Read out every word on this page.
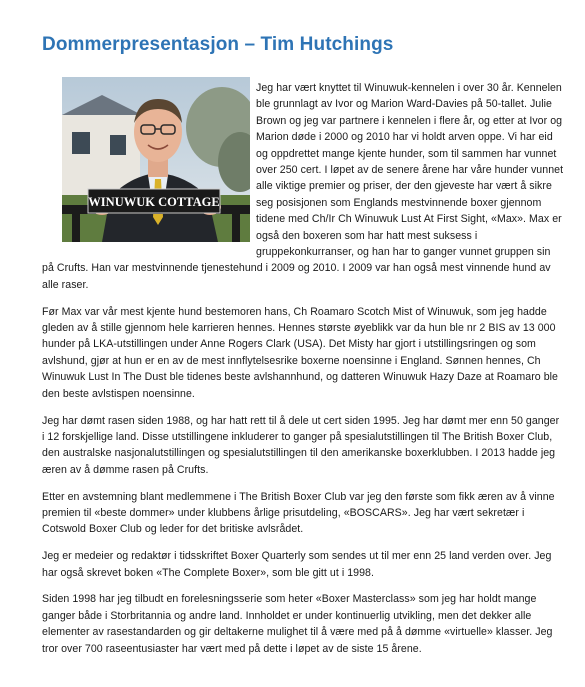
Dommerpresentasjon – Tim Hutchings
WINUWUK COTTAGE

Jeg har vært knyttet til Winuwuk-kennelen i over 30 år. Kennelen ble grunnlagt av Ivor og Marion Ward-Davies på 50-tallet. Julie Brown og jeg var partnere i kennelen i flere år, og etter at Ivor og Marion døde i 2000 og 2010 har vi holdt arven oppe. Vi har eid og oppdrettet mange kjente hunder, som til sammen har vunnet over 250 cert. I løpet av de senere årene har våre hunder vunnet alle viktige premier og priser, der den gjeveste har vært å sikre seg posisjonen som Englands mestvinnende boxer gjennom tidene med Ch/Ir Ch Winuwuk Lust At First Sight, «Max». Max er også den boxeren som har hatt mest suksess i gruppekonkurranser, og han har to ganger vunnet gruppen sin på Crufts. Han var mestvinnende tjenestehund i 2009 og 2010. I 2009 var han også mest vinnende hund av alle raser.

Før Max var vår mest kjente hund bestemoren hans, Ch Roamaro Scotch Mist of Winuwuk, som jeg hadde gleden av å stille gjennom hele karrieren hennes. Hennes største øyeblikk var da hun ble nr 2 BIS av 13 000 hunder på LKA-utstillingen under Anne Rogers Clark (USA). Det Misty har gjort i utstillingsringen og som avlshund, gjør at hun er en av de mest innflytelsesrike boxerne noensinne i England. Sønnen hennes, Ch Winuwuk Lust In The Dust ble tidenes beste avlshannhund, og datteren Winuwuk Hazy Daze at Roamaro ble den beste avlstispen noensinne.

Jeg har dømt rasen siden 1988, og har hatt rett til å dele ut cert siden 1995. Jeg har dømt mer enn 50 ganger i 12 forskjellige land. Disse utstillingene inkluderer to ganger på spesialutstillingen til The British Boxer Club, den australske nasjonalutstillingen og spesialutstillingen til den amerikanske boxerklubben. I 2013 hadde jeg æren av å dømme rasen på Crufts.

Etter en avstemning blant medlemmene i The British Boxer Club var jeg den første som fikk æren av å vinne premien til «beste dommer» under klubbens årlige prisutdeling, «BOSCARS». Jeg har vært sekretær i Cotswold Boxer Club og leder for det britiske avlsrådet.

Jeg er medeier og redaktør i tidsskriftet Boxer Quarterly som sendes ut til mer enn 25 land verden over. Jeg har også skrevet boken «The Complete Boxer», som ble gitt ut i 1998.

Siden 1998 har jeg tilbudt en forelesningsserie som heter «Boxer Masterclass» som jeg har holdt mange ganger både i Storbritannia og andre land. Innholdet er under kontinuerlig utvikling, men det dekker alle elementer av rasestandarden og gir deltakerne mulighet til å være med på å dømme «virtuelle» klasser. Jeg tror over 700 raseentusiaster har vært med på dette i løpet av de siste 15 årene.
